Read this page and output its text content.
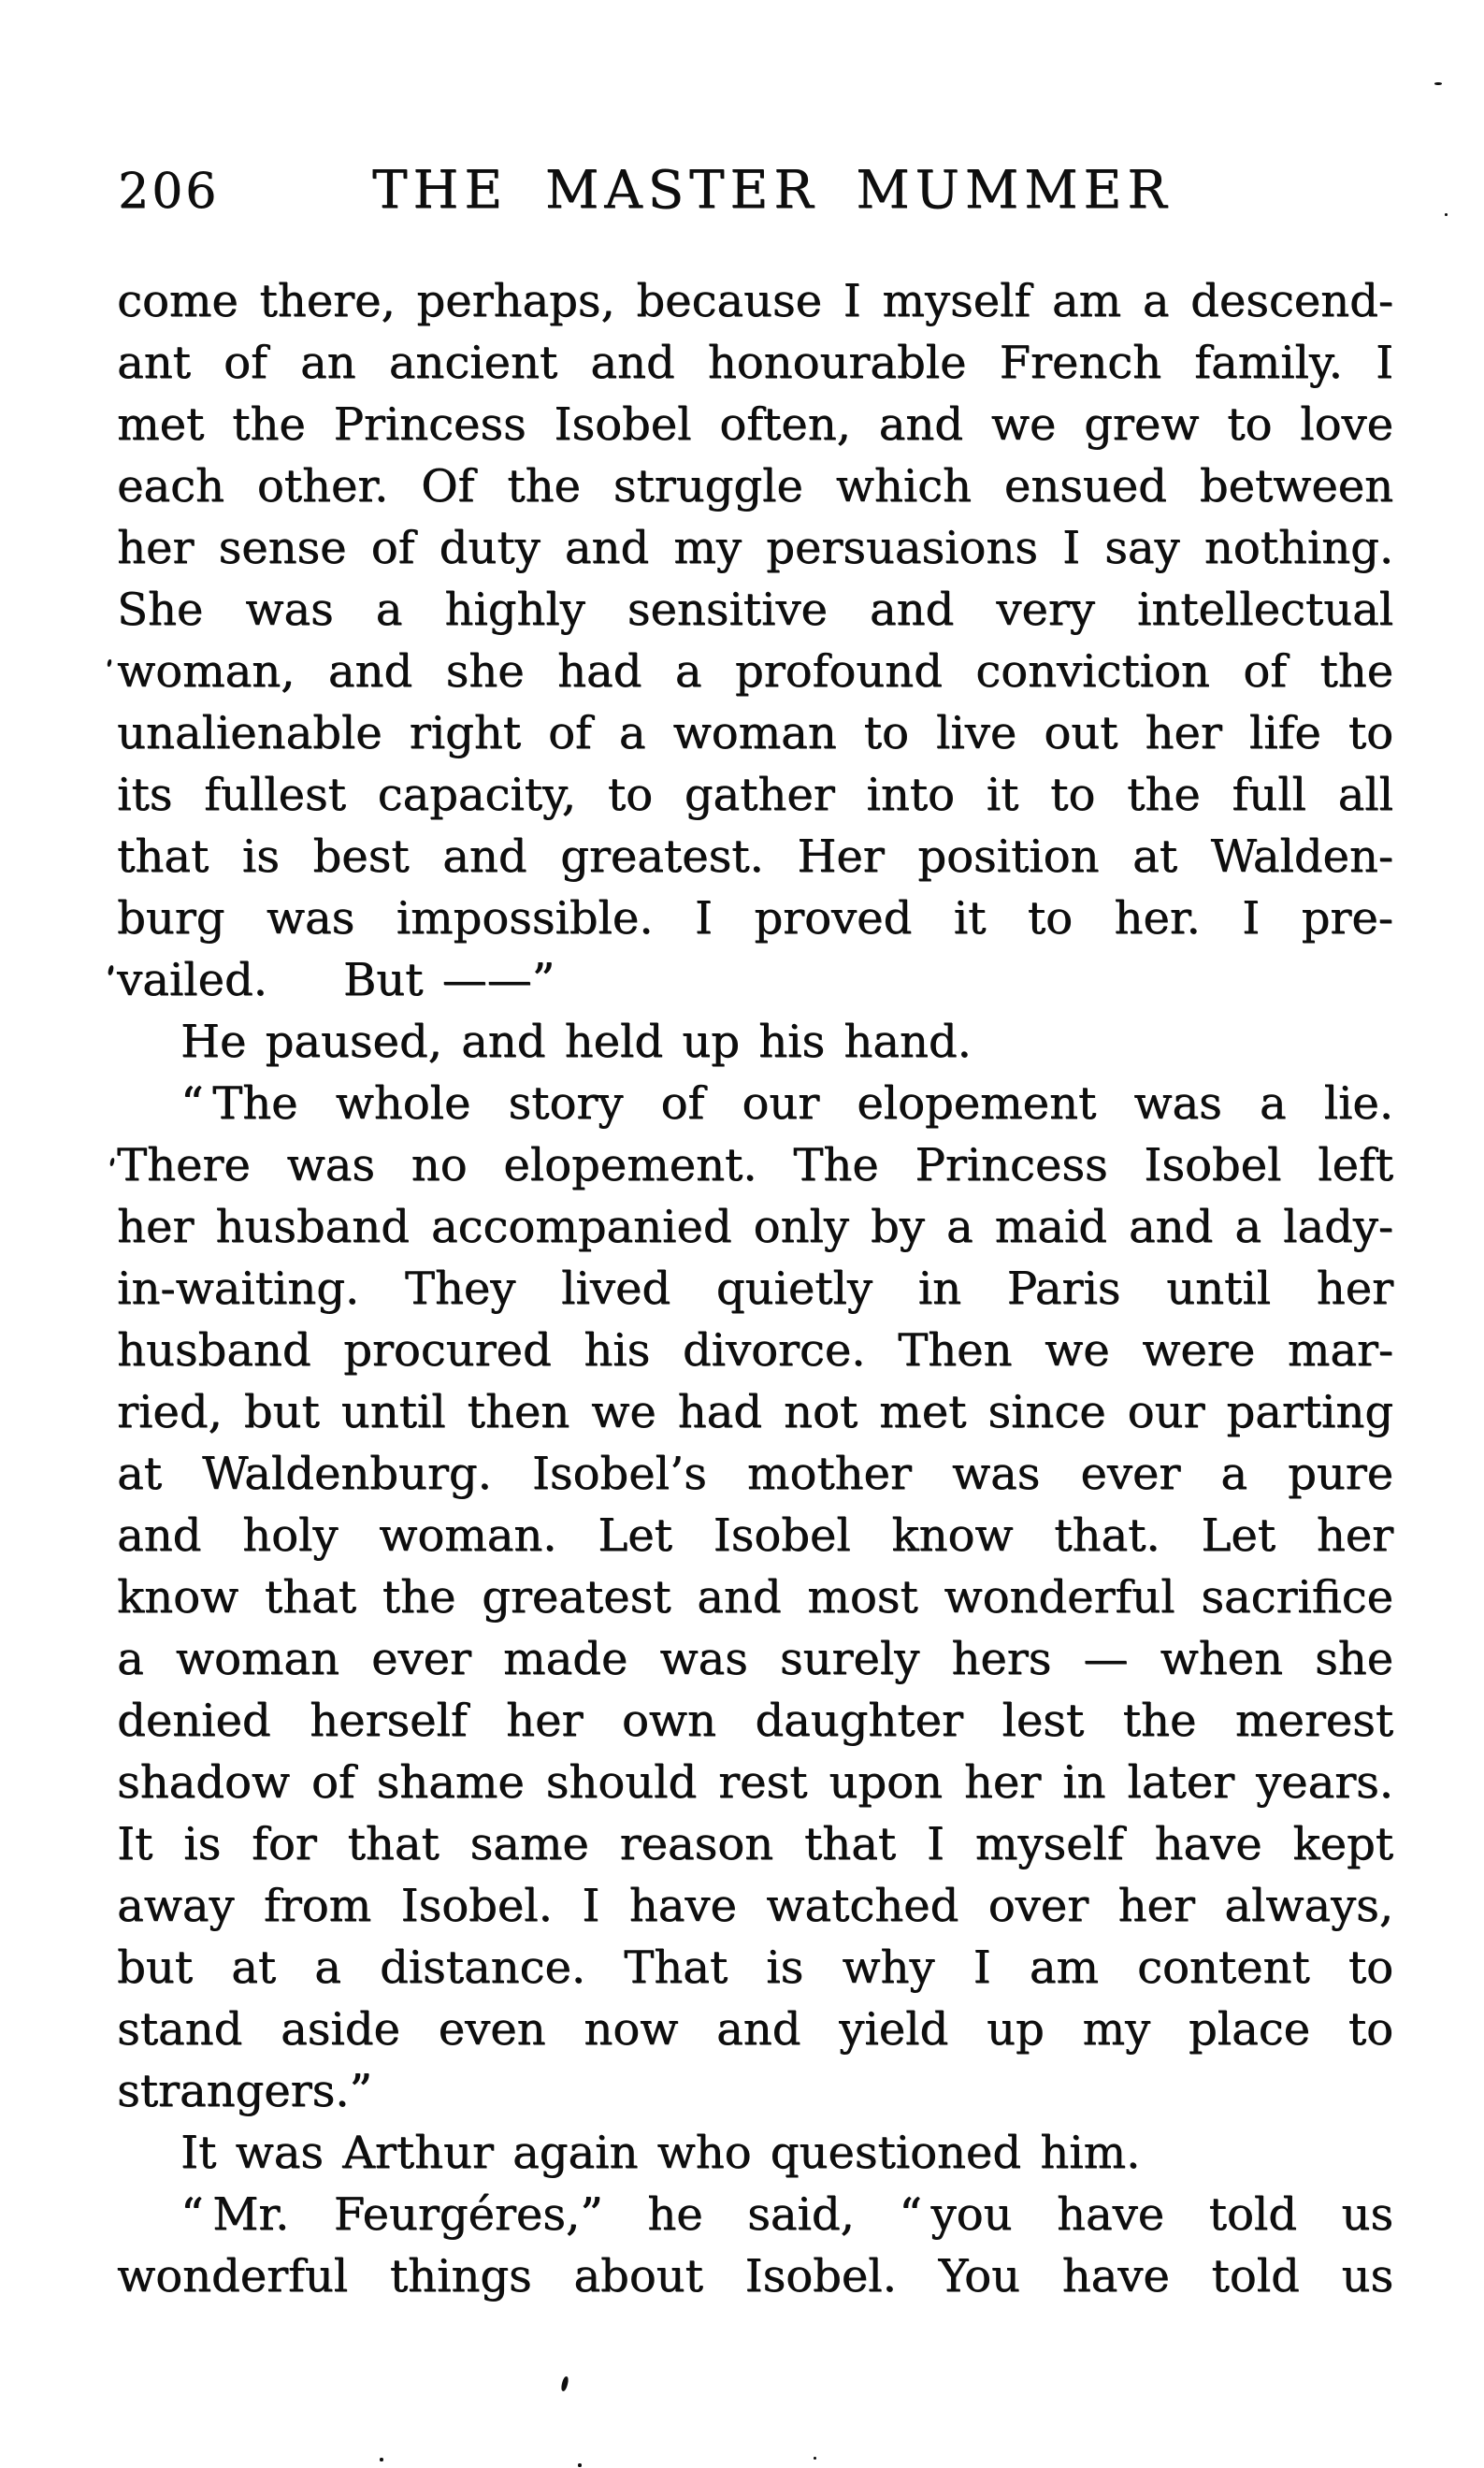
206	THE MASTER MUMMER
come there, perhaps, because I myself am a descend-
ant of an ancient and honourable French family. I
met the Princess Isobel often, and we grew to love
each other. Of the struggle which ensued between
her sense of duty and my persuasions I say nothing.
She was a highly sensitive and very intellectual
woman, and she had a profound conviction of the
unalienable right of a woman to live out her life to
its fullest capacity, to gather into it to the full all
that is best and greatest. Her position at Walden-
burg was impossible. I proved it to her. I pre-
vailed.    But ——”
He paused, and held up his hand.
“ The whole story of our elopement was a lie.
There was no elopement. The Princess Isobel left
her husband accompanied only by a maid and a lady-
in-waiting. They lived quietly in Paris until her
husband procured his divorce. Then we were mar-
ried, but until then we had not met since our parting
at Waldenburg. Isobel’s mother was ever a pure
and holy woman. Let Isobel know that. Let her
know that the greatest and most wonderful sacrifice
a woman ever made was surely hers — when she
denied herself her own daughter lest the merest
shadow of shame should rest upon her in later years.
It is for that same reason that I myself have kept
away from Isobel. I have watched over her always,
but at a distance. That is why I am content to
stand aside even now and yield up my place to
strangers.”
It was Arthur again who questioned him.
“ Mr. Feurgéres,” he said, “ you have told us
wonderful things about Isobel. You have told us
